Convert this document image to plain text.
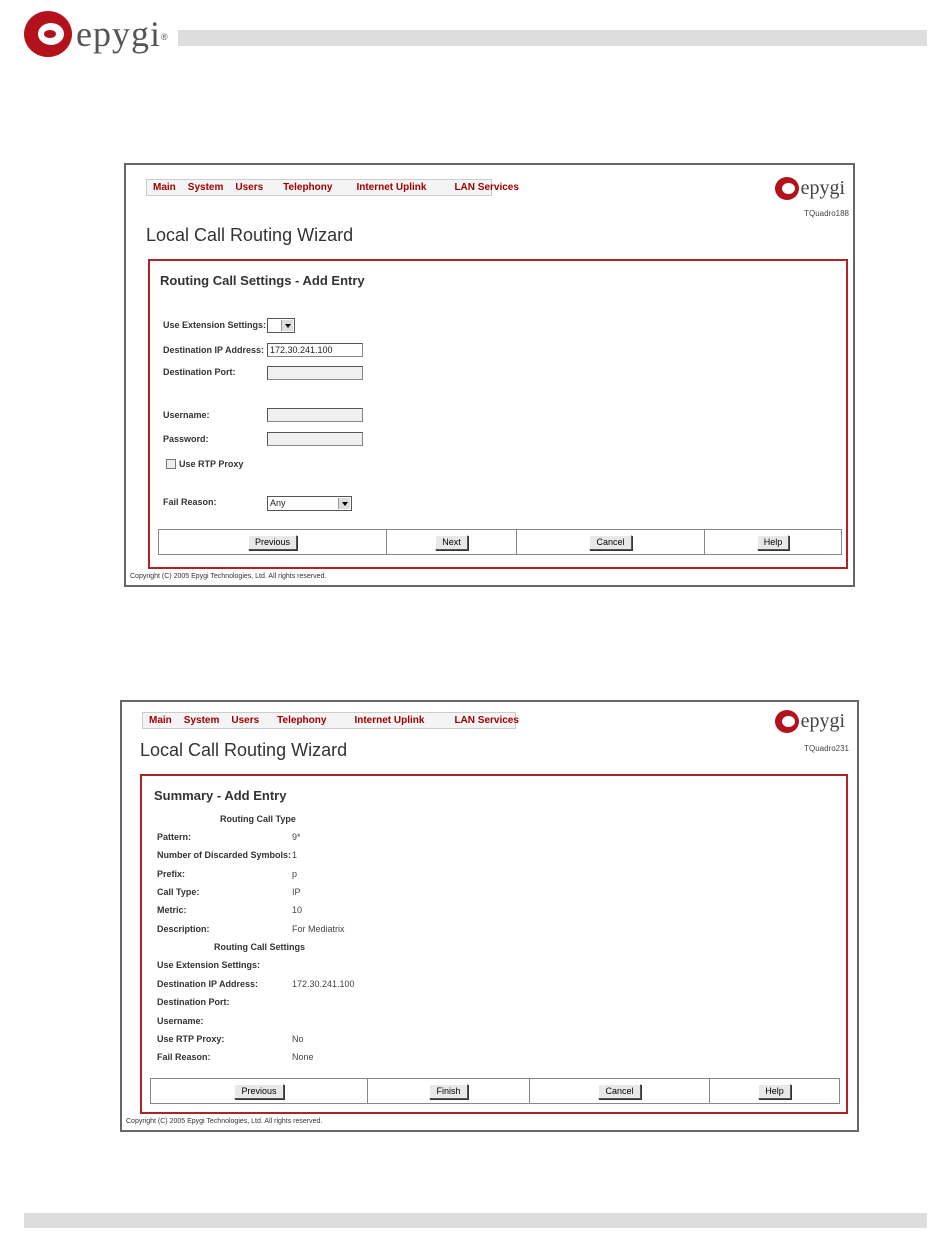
epygi ®
Main	System	Users	Telephony	Internet Uplink	LAN Services	epygi
TQuadro188
Local Call Routing Wizard
Routing Call Settings - Add Entry
Use Extension Settings:
Destination IP Address: 172.30.241.100
Destination Port:
Username:
Password:
Use RTP Proxy
Fail Reason:	Any
Previous	Next	Cancel	Help
Copyright (C) 2005 Epygi Technologies, Ltd. All rights reserved.
Main	System	Users	Telephony	Internet Uplink	LAN Services	epygi
TQuadro231
Local Call Routing Wizard
Summary - Add Entry
Routing Call Type
Pattern:	9*
Number of Discarded Symbols: 1
Prefix:	p
Call Type:	IP
Metric:	10
Description:	For Mediatrix
Routing Call Settings
Use Extension Settings:
Destination IP Address:	172.30.241.100
Destination Port:
Username:
Use RTP Proxy:	No
Fail Reason:	None
Previous	Finish	Cancel	Help
Copyright (C) 2005 Epygi Technologies, Ltd. All rights reserved.
